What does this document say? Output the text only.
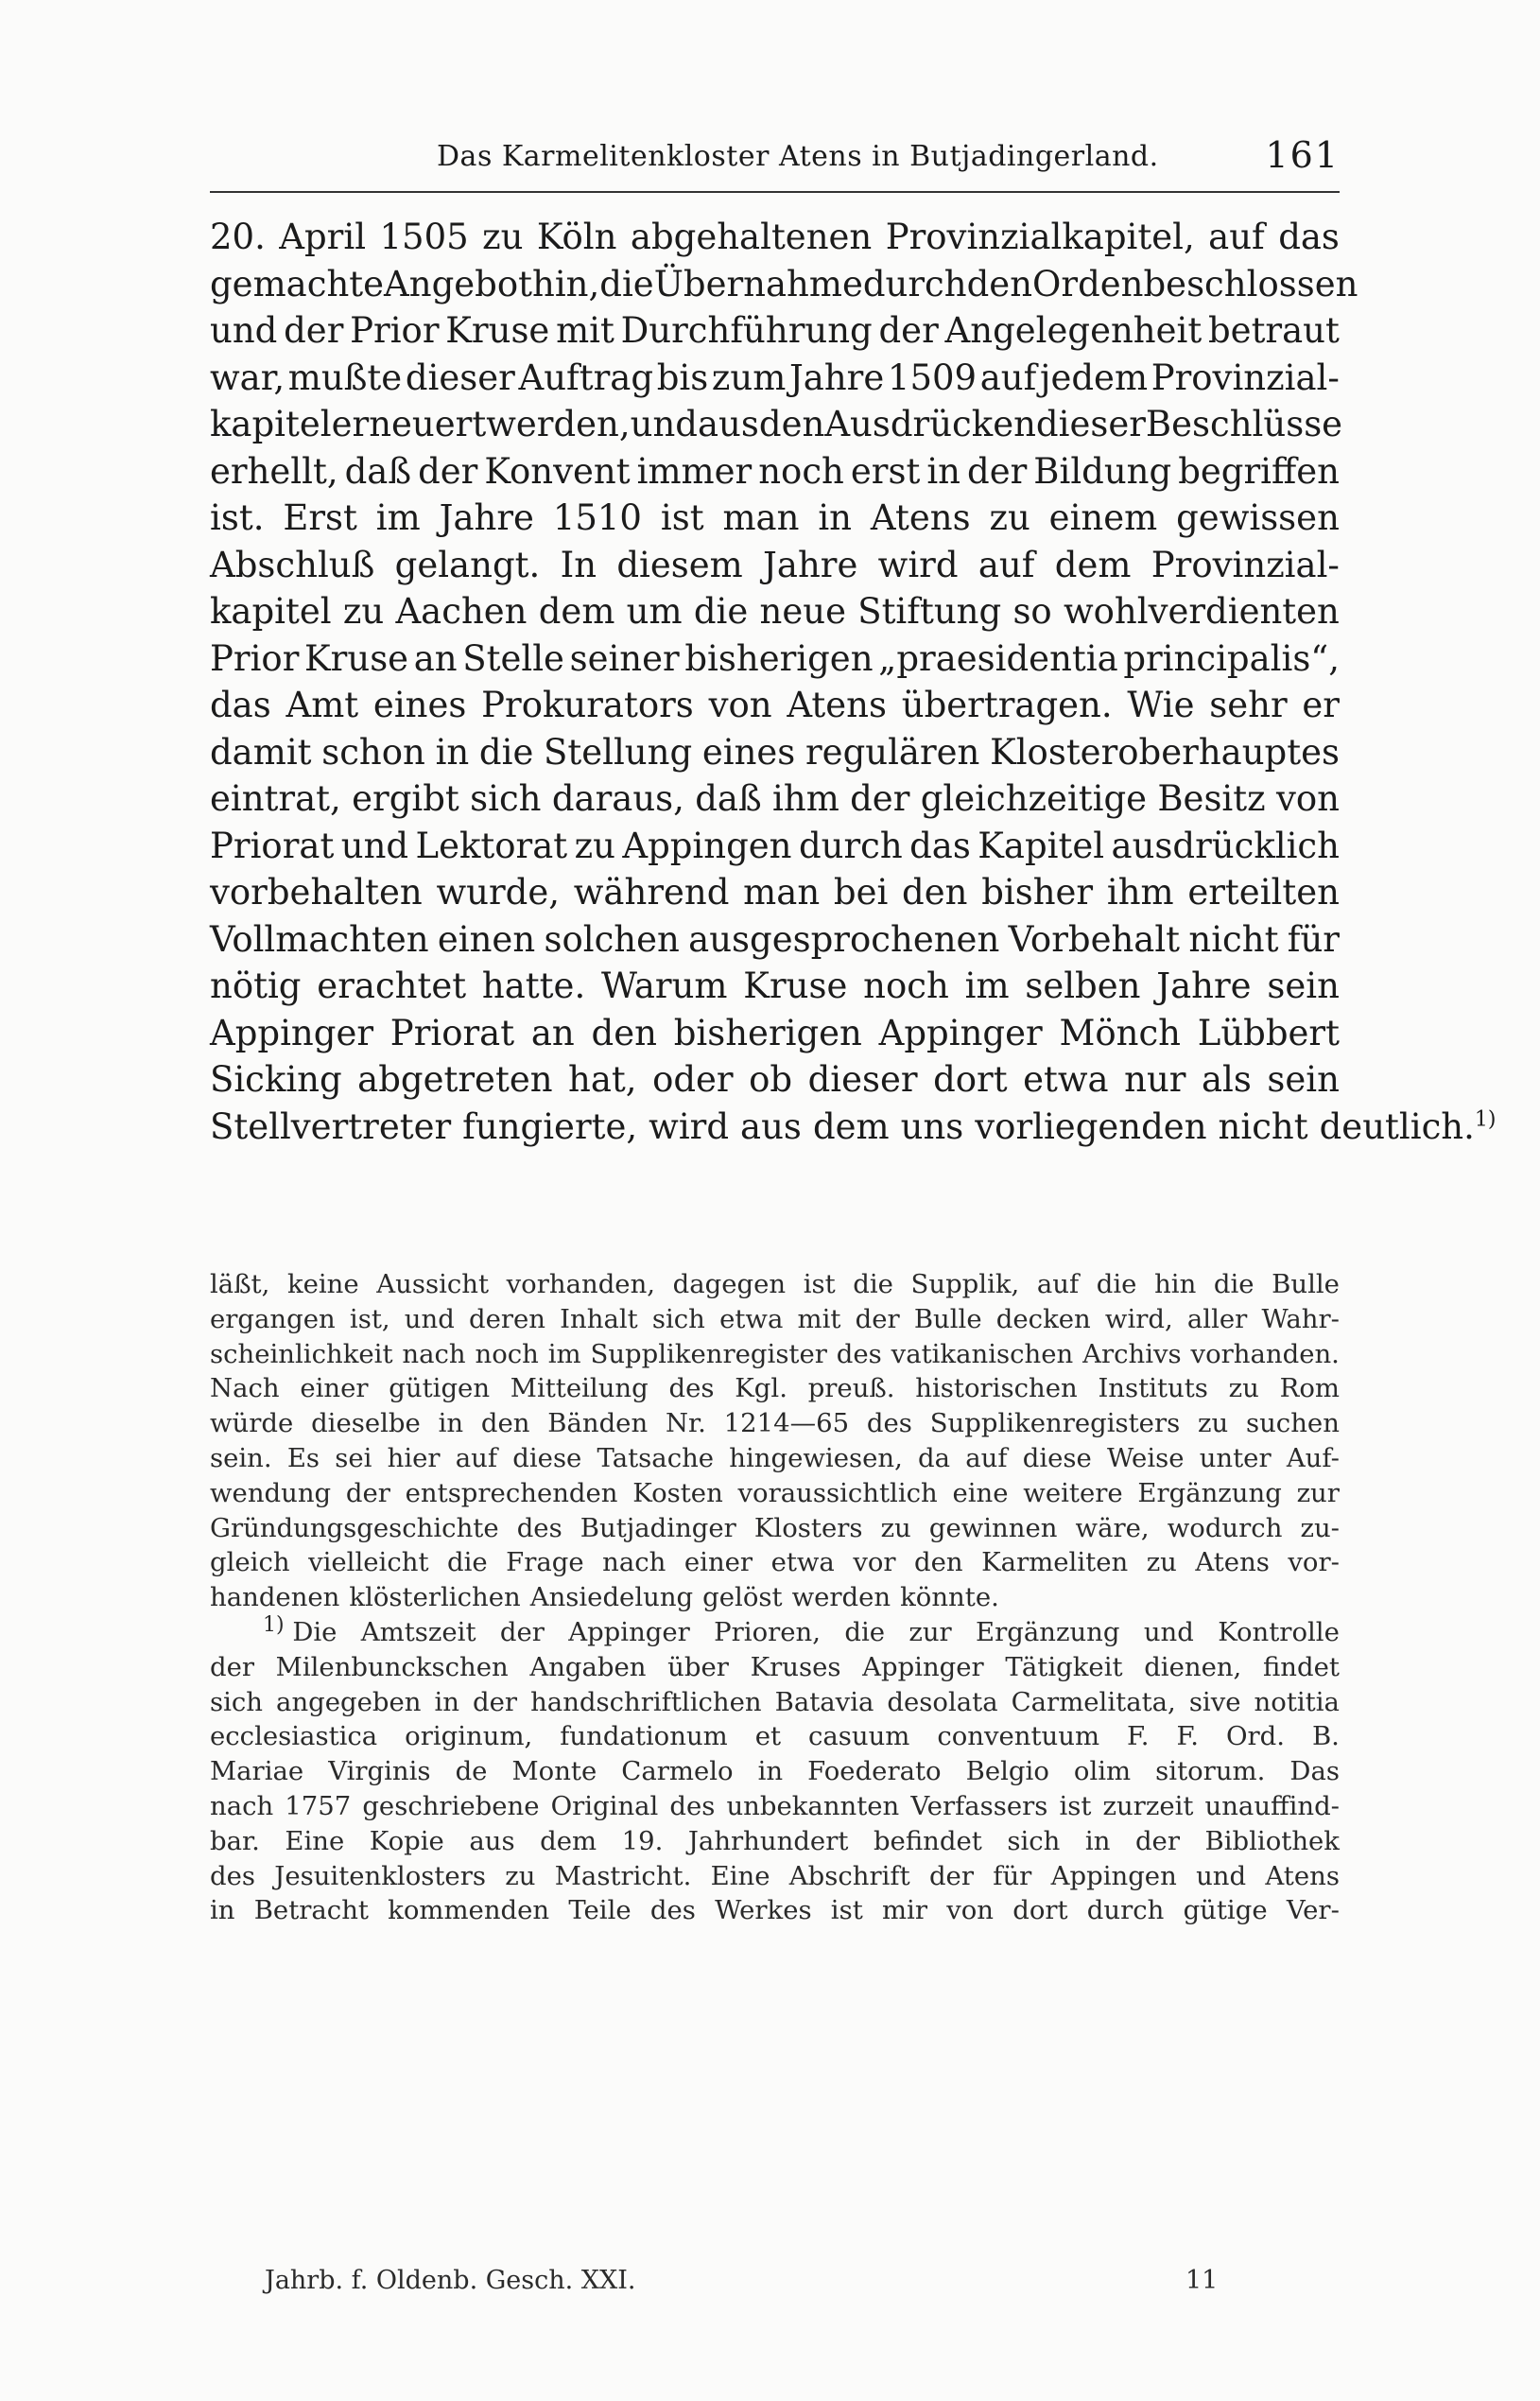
Das Karmelitenkloster Atens in Butjadingerland.	161
20. April 1505 zu Köln abgehaltenen Provinzialkapitel, auf das
gemachte Angebot hin, die Übernahme durch den Orden beschlossen
und der Prior Kruse mit Durchführung der Angelegenheit betraut
war, mußte dieser Auftrag bis zum Jahre 1509 auf jedem Provinzial-
kapitel erneuert werden, und aus den Ausdrücken dieser Beschlüsse
erhellt, daß der Konvent immer noch erst in der Bildung begriffen
ist. Erst im Jahre 1510 ist man in Atens zu einem gewissen
Abschluß gelangt. In diesem Jahre wird auf dem Provinzial-
kapitel zu Aachen dem um die neue Stiftung so wohlverdienten
Prior Kruse an Stelle seiner bisherigen „praesidentia principalis“,
das Amt eines Prokurators von Atens übertragen. Wie sehr er
damit schon in die Stellung eines regulären Klosteroberhauptes
eintrat, ergibt sich daraus, daß ihm der gleichzeitige Besitz von
Priorat und Lektorat zu Appingen durch das Kapitel ausdrücklich
vorbehalten wurde, während man bei den bisher ihm erteilten
Vollmachten einen solchen ausgesprochenen Vorbehalt nicht für
nötig erachtet hatte. Warum Kruse noch im selben Jahre sein
Appinger Priorat an den bisherigen Appinger Mönch Lübbert
Sicking abgetreten hat, oder ob dieser dort etwa nur als sein
Stellvertreter fungierte, wird aus dem uns vorliegenden nicht deutlich.$^{1)}$
läßt, keine Aussicht vorhanden, dagegen ist die Supplik, auf die hin die Bulle
ergangen ist, und deren Inhalt sich etwa mit der Bulle decken wird, aller Wahr-
scheinlichkeit nach noch im Supplikenregister des vatikanischen Archivs vorhanden.
Nach einer gütigen Mitteilung des Kgl. preuß. historischen Instituts zu Rom
würde dieselbe in den Bänden Nr. 1214—65 des Supplikenregisters zu suchen
sein. Es sei hier auf diese Tatsache hingewiesen, da auf diese Weise unter Auf-
wendung der entsprechenden Kosten voraussichtlich eine weitere Ergänzung zur
Gründungsgeschichte des Butjadinger Klosters zu gewinnen wäre, wodurch zu-
gleich vielleicht die Frage nach einer etwa vor den Karmeliten zu Atens vor-
handenen klösterlichen Ansiedelung gelöst werden könnte.
$^{1)}$ Die Amtszeit der Appinger Prioren, die zur Ergänzung und Kontrolle
der Milenbunckschen Angaben über Kruses Appinger Tätigkeit dienen, findet
sich angegeben in der handschriftlichen Batavia desolata Carmelitata, sive notitia
ecclesiastica originum, fundationum et casuum conventuum F. F. Ord. B.
Mariae Virginis de Monte Carmelo in Foederato Belgio olim sitorum. Das
nach 1757 geschriebene Original des unbekannten Verfassers ist zurzeit unauffind-
bar. Eine Kopie aus dem 19. Jahrhundert befindet sich in der Bibliothek
des Jesuitenklosters zu Mastricht. Eine Abschrift der für Appingen und Atens
in Betracht kommenden Teile des Werkes ist mir von dort durch gütige Ver-
Jahrb. f. Oldenb. Gesch. XXI.	11
